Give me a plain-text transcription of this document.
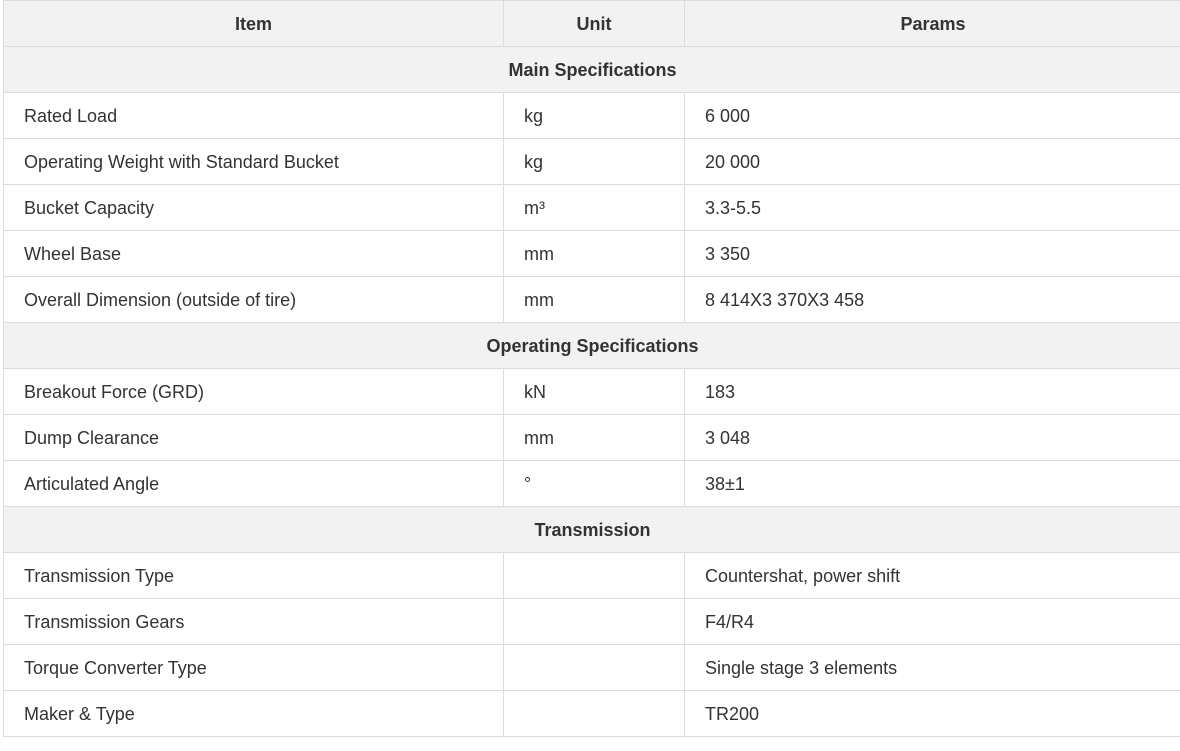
Item	Unit	Params
Main Specifications		
Rated Load	kg	6 000
Operating Weight with Standard Bucket	kg	20 000
Bucket Capacity	m³	3.3-5.5
Wheel Base	mm	3 350
Overall Dimension (outside of tire)	mm	8 414X3 370X3 458
Operating Specifications		
Breakout Force (GRD)	kN	183
Dump Clearance	mm	3 048
Articulated Angle	°	38±1
Transmission		
Transmission Type		Countershat, power shift
Transmission Gears		F4/R4
Torque Converter Type		Single stage 3 elements
Maker & Type		TR200
